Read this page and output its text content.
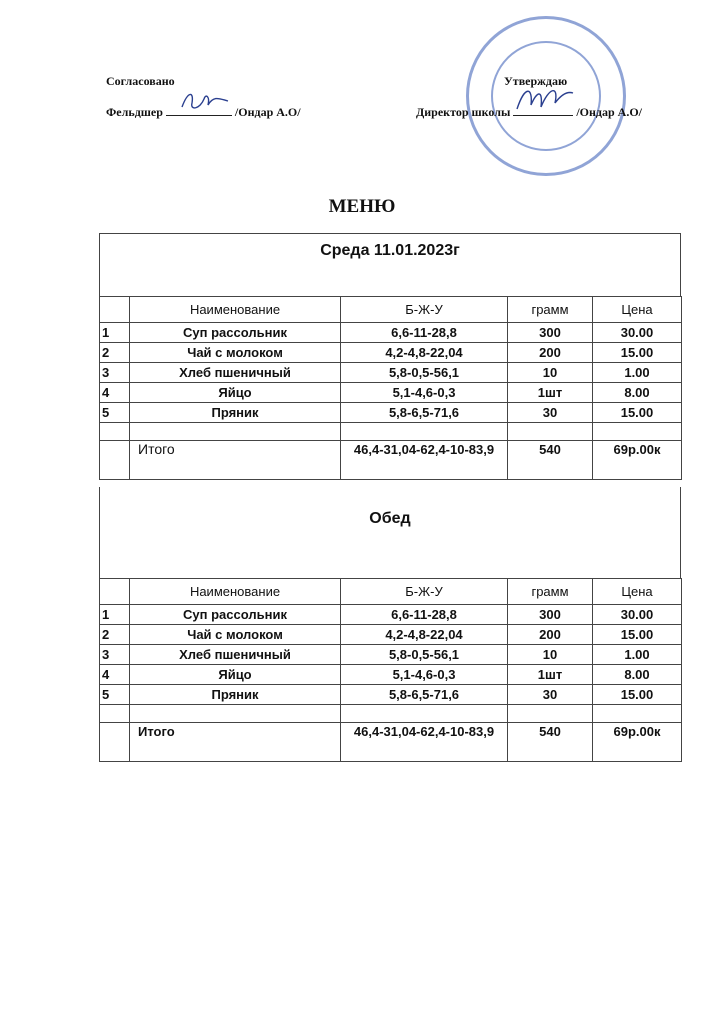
Согласовано
Фельдшер	/Ондар А.О/
Утверждаю
Директор школы	/Ондар А.О/
МЕНЮ
Среда 11.01.2023г
	Наименование	Б-Ж-У	грамм	Цена
1	Суп рассольник	6,6-11-28,8	300	30.00
2	Чай с молоком	4,2-4,8-22,04	200	15.00
3	Хлеб пшеничный	5,8-0,5-56,1	10	1.00
4	Яйцо	5,1-4,6-0,3	1шт	8.00
5	Пряник	5,8-6,5-71,6	30	15.00

	Итого	46,4-31,04-62,4-10-83,9	540	69р.00к
Обед
	Наименование	Б-Ж-У	грамм	Цена
1	Суп рассольник	6,6-11-28,8	300	30.00
2	Чай с молоком	4,2-4,8-22,04	200	15.00
3	Хлеб пшеничный	5,8-0,5-56,1	10	1.00
4	Яйцо	5,1-4,6-0,3	1шт	8.00
5	Пряник	5,8-6,5-71,6	30	15.00

	Итого	46,4-31,04-62,4-10-83,9	540	69р.00к
